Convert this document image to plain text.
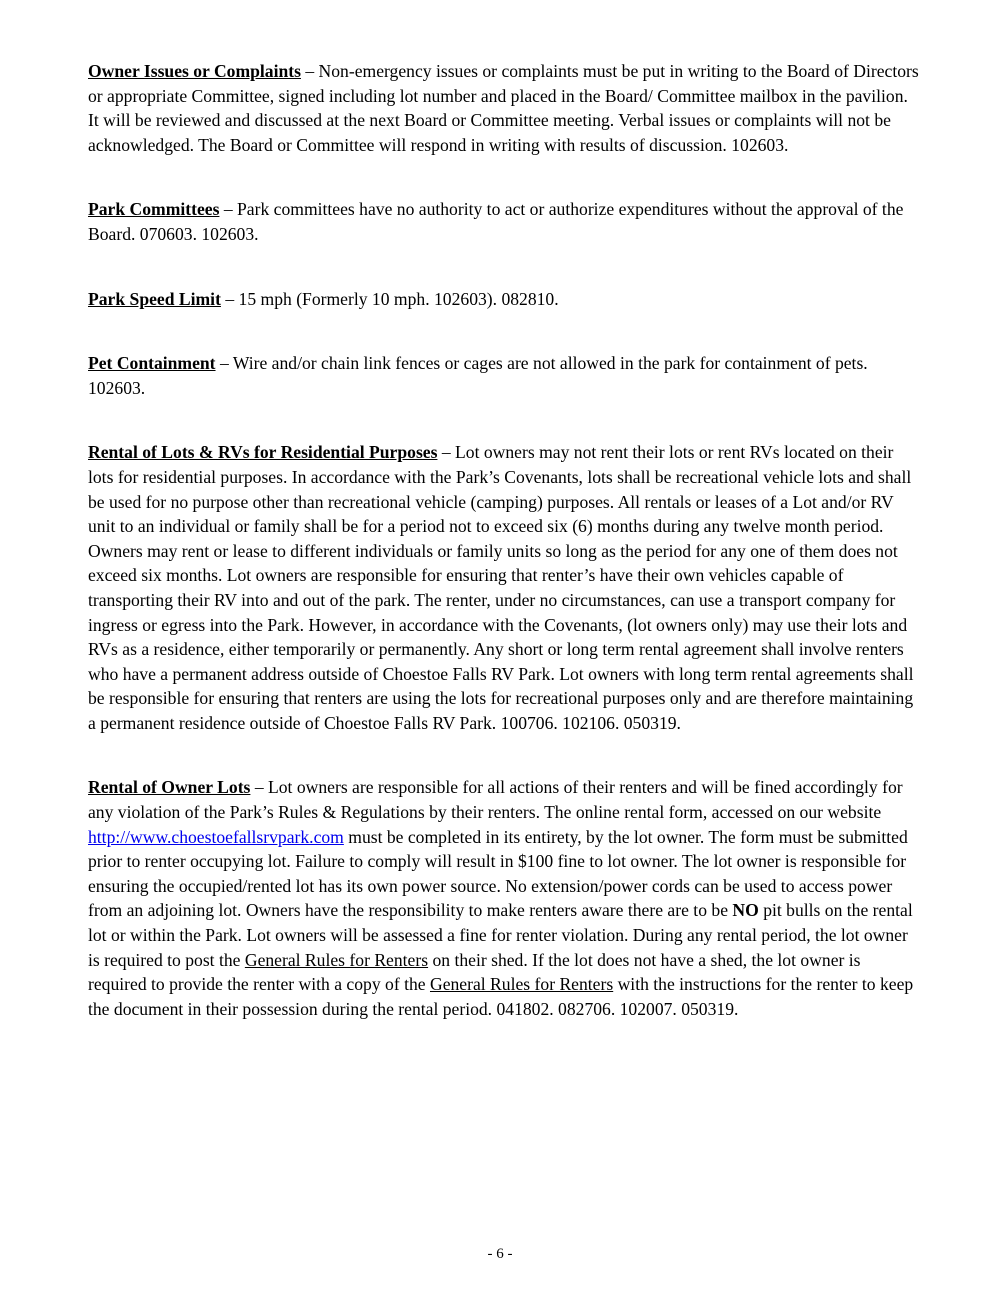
Owner Issues or Complaints – Non-emergency issues or complaints must be put in writing to the Board of Directors or appropriate Committee, signed including lot number and placed in the Board/ Committee mailbox in the pavilion. It will be reviewed and discussed at the next Board or Committee meeting. Verbal issues or complaints will not be acknowledged. The Board or Committee will respond in writing with results of discussion. 102603.

Park Committees – Park committees have no authority to act or authorize expenditures without the approval of the Board. 070603. 102603.

Park Speed Limit – 15 mph (Formerly 10 mph. 102603). 082810.

Pet Containment – Wire and/or chain link fences or cages are not allowed in the park for containment of pets. 102603.

Rental of Lots & RVs for Residential Purposes – Lot owners may not rent their lots or rent RVs located on their lots for residential purposes. In accordance with the Park’s Covenants, lots shall be recreational vehicle lots and shall be used for no purpose other than recreational vehicle (camping) purposes. All rentals or leases of a Lot and/or RV unit to an individual or family shall be for a period not to exceed six (6) months during any twelve month period. Owners may rent or lease to different individuals or family units so long as the period for any one of them does not exceed six months. Lot owners are responsible for ensuring that renter’s have their own vehicles capable of transporting their RV into and out of the park. The renter, under no circumstances, can use a transport company for ingress or egress into the Park. However, in accordance with the Covenants, (lot owners only) may use their lots and RVs as a residence, either temporarily or permanently. Any short or long term rental agreement shall involve renters who have a permanent address outside of Choestoe Falls RV Park. Lot owners with long term rental agreements shall be responsible for ensuring that renters are using the lots for recreational purposes only and are therefore maintaining a permanent residence outside of Choestoe Falls RV Park. 100706. 102106. 050319.

Rental of Owner Lots – Lot owners are responsible for all actions of their renters and will be fined accordingly for any violation of the Park’s Rules & Regulations by their renters. The online rental form, accessed on our website http://www.choestoefallsrvpark.com must be completed in its entirety, by the lot owner. The form must be submitted prior to renter occupying lot. Failure to comply will result in $100 fine to lot owner. The lot owner is responsible for ensuring the occupied/rented lot has its own power source. No extension/power cords can be used to access power from an adjoining lot. Owners have the responsibility to make renters aware there are to be NO pit bulls on the rental lot or within the Park. Lot owners will be assessed a fine for renter violation. During any rental period, the lot owner is required to post the General Rules for Renters on their shed. If the lot does not have a shed, the lot owner is required to provide the renter with a copy of the General Rules for Renters with the instructions for the renter to keep the document in their possession during the rental period. 041802. 082706. 102007. 050319.

- 6 -
